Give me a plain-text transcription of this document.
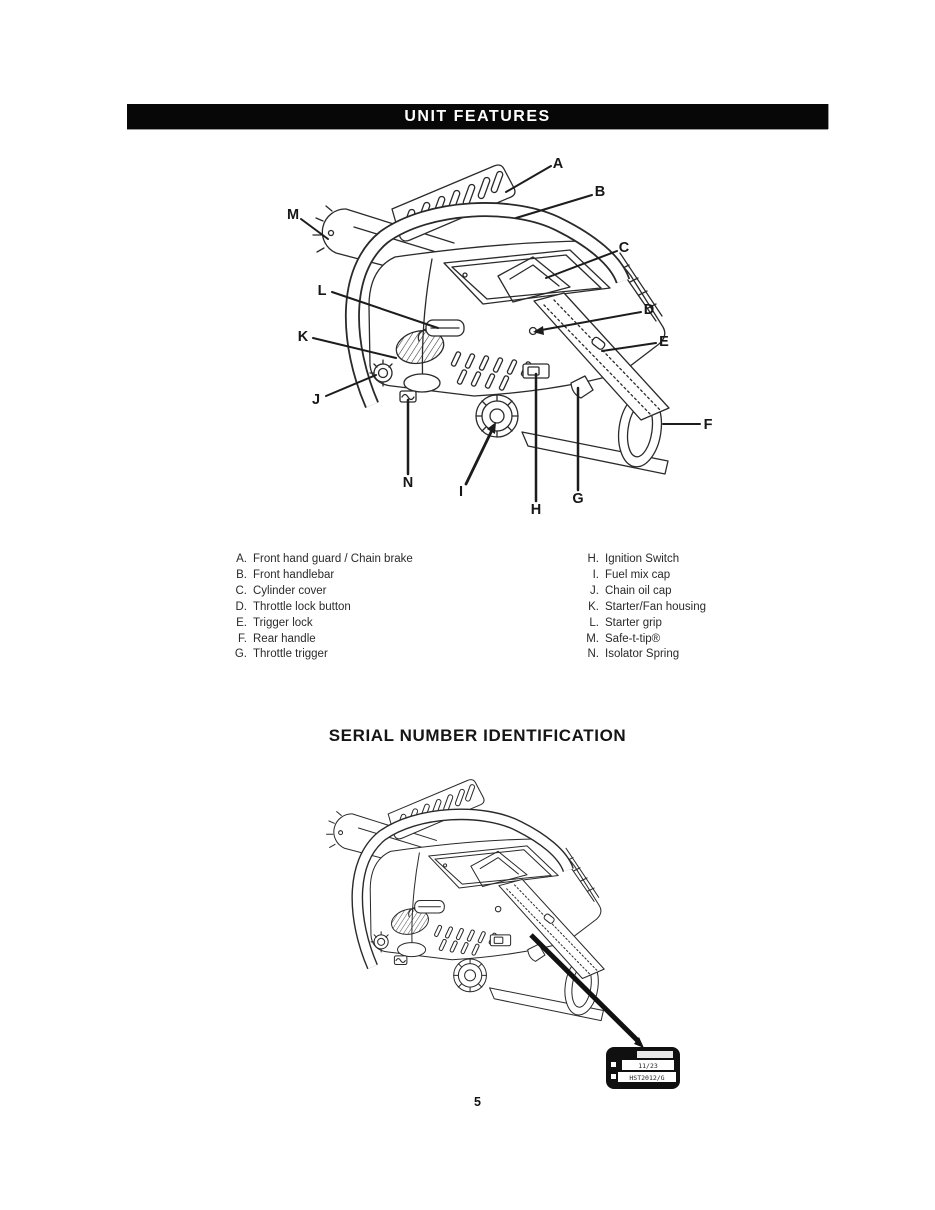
UNIT FEATURES
A
B
C
D
E
F
G
H
I
J
K
L
M
N
A. Front hand guard / Chain brake
B. Front handlebar
C. Cylinder cover
D. Throttle lock button
E. Trigger lock
F. Rear handle
G. Throttle trigger
H. Ignition Switch
I. Fuel mix cap
J. Chain oil cap
K. Starter/Fan housing
L. Starter grip
M. Safe-t-tip®
N. Isolator Spring
SERIAL NUMBER IDENTIFICATION
11/23
HST2012/G
5
